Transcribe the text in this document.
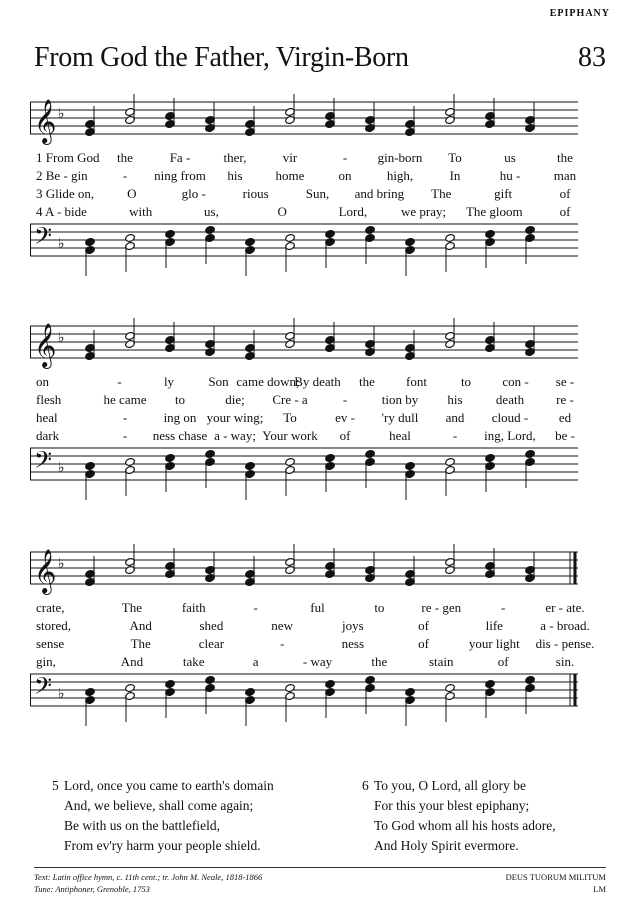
EPIPHANY
From God the Father, Virgin-Born	83
𝄞 ♭
𝄢 ♭
1 From God the	Fa -	ther,	vir	- gin-born To	us	the
2 Be - gin	- ning from his	home	on	high,	In	hu -	man
3 Glide on,	O	glo -	rious	Sun, and bring The	gift	of
4 A - bide	with	us,	O	Lord,	we pray; The gloom	of
𝄞 ♭
𝄢 ♭
on	-	ly	Son came down;
By death the font	to con - se -
flesh	he came to	die; Cre - a	-	tion by his	death re -
heal	-	ing on your wing; To	ev - 'ry dull and cloud - ed
dark	- ness chase a - way; Your work of	heal	- ing, Lord, be -
𝄞 ♭
𝄢 ♭
crate,	The	faith	-	ful	to	re - gen	-	er - ate.
stored,	And	shed	new	joys	of	life	a - broad.
sense	The	clear	-	ness	of	your light dis - pense.
gin,	And	take	a	- way	the	stain	of	sin.
5 Lord, once you came to earth's domain
And, we believe, shall come again;
Be with us on the battlefield,
From ev'ry harm your people shield.
6 To you, O Lord, all glory be
For this your blest epiphany;
To God whom all his hosts adore,
And Holy Spirit evermore.
Text: Latin office hymn, c. 11th cent.; tr. John M. Neale, 1818-1866
Tune: Antiphoner, Grenoble, 1753
DEUS TUORUM MILITUM
LM
